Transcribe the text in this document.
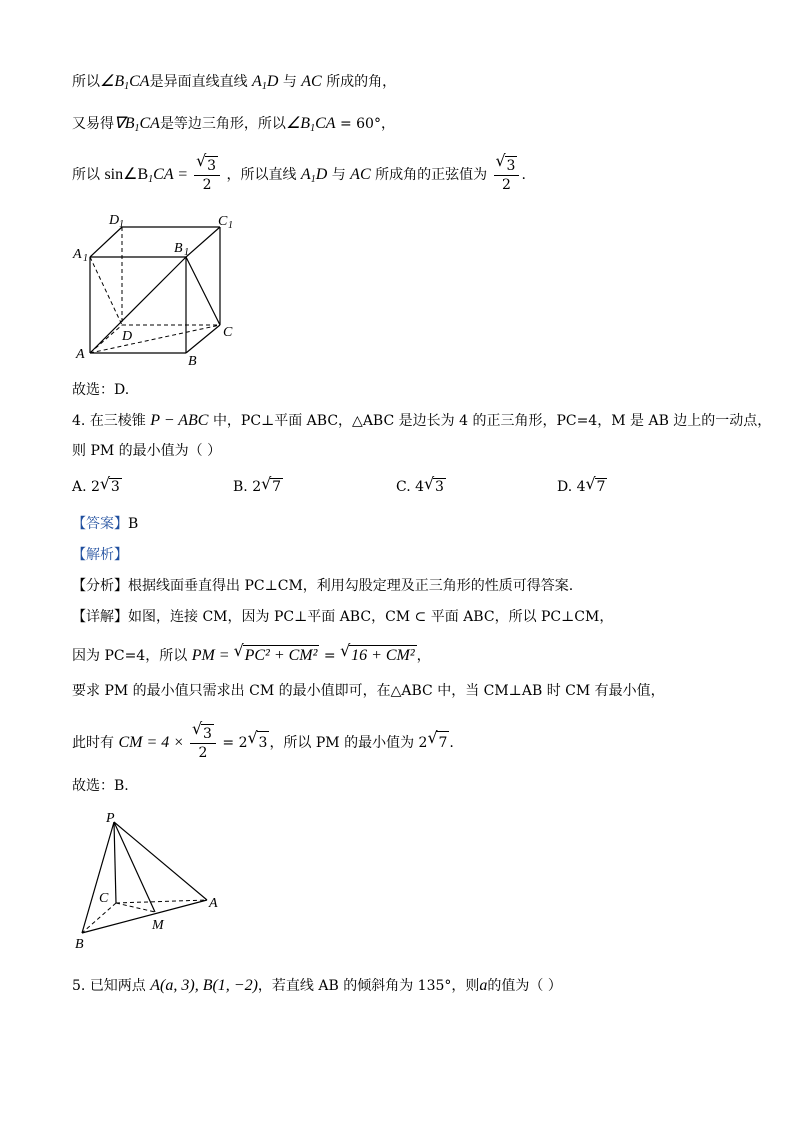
所以$\angle B_1CA$是异面直线直线 $A_1D$ 与 AC 所成的角，
又易得$\nabla B_1CA$是等边三角形，所以$\angle B_1CA = 60^\circ$，
所以 $\sin\angle B_1CA = \frac{√ 3}{2}$ ，所以直线 $A_1D$ 与 AC 所成角的正弦值为 $\frac{√ 3}{2}$ .
A	B
C
D
A 1
B 1
C 1
D 1
故选：D.
4. 在三棱锥 P − ABC 中，PC⊥平面 ABC，△ABC 是边长为 4 的正三角形，PC=4，M 是 AB 边上的一动点，
则 PM 的最小值为（ ）
A. 2 √ 3	B. 2 √ 7	C. 4 √ 3	D. 4 √ 7
【答案】B
【解析】
【分析】根据线面垂直得出 PC⊥CM，利用勾股定理及正三角形的性质可得答案.
【详解】如图，连接 CM，因为 PC⊥平面 ABC，CM ⊂ 平面 ABC，所以 PC⊥CM，
因为 PC=4，所以 PM = √ PC² + CM² = √ 16 + CM² ，
要求 PM 的最小值只需求出 CM 的最小值即可，在△ABC 中，当 CM⊥AB 时 CM 有最小值，
此时有 CM = $4 \times \frac{√ 3}{2} = 2$ √ 3 ，所以 PM 的最小值为 2 √ 7 .
故选：B.
P
C	A
B
M
5. 已知两点 A(a, 3), B(1, −2)，若直线 AB 的倾斜角为 135°，则a的值为（ ）
